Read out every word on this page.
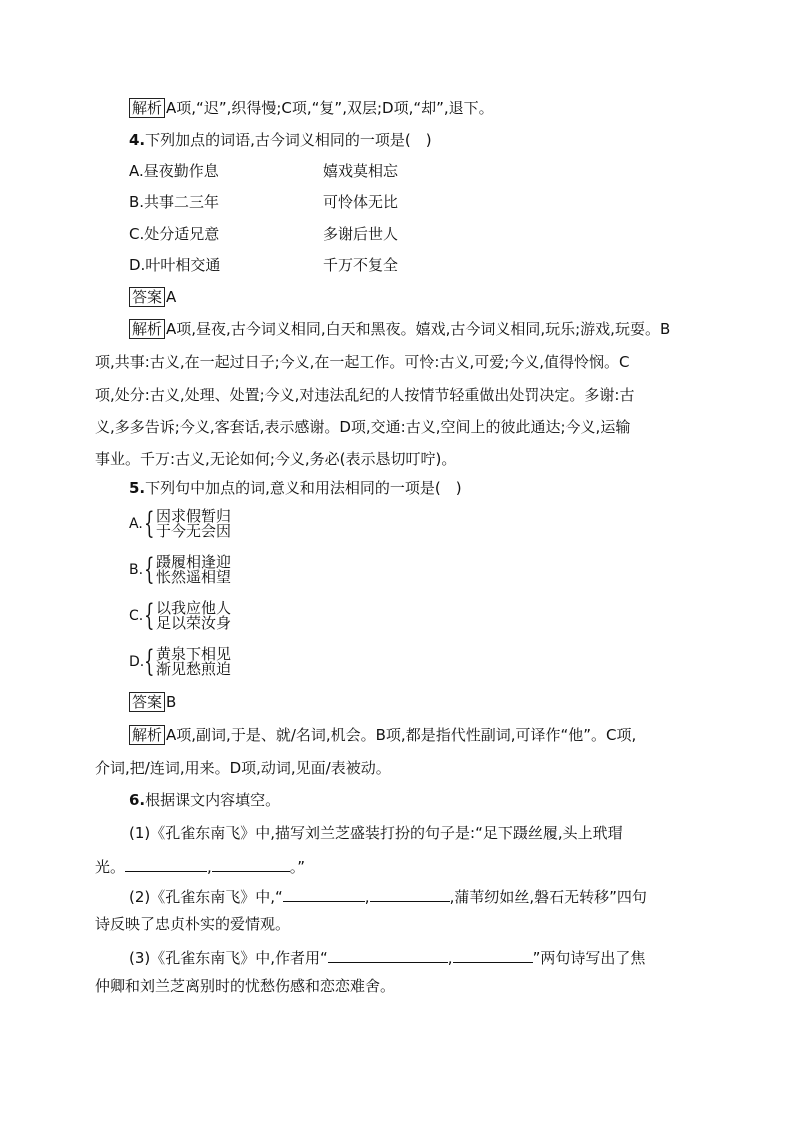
解析 A项,“迟”,织得慢;C项,“复”,双层;D项,“却”,退下。
4.下列加点的词语,古今词义相同的一项是(　)
A.昼夜勤作息	嬉戏莫相忘
B.共事二三年	可怜体无比
C.处分适兄意	多谢后世人
D.叶叶相交通	千万不复全
答案 A
解析 A项,昼夜,古今词义相同,白天和黑夜。嬉戏,古今词义相同,玩乐;游戏,玩耍。B
项,共事:古义,在一起过日子;今义,在一起工作。可怜:古义,可爱;今义,值得怜悯。C
项,处分:古义,处理、处置;今义,对违法乱纪的人按情节轻重做出处罚决定。多谢:古
义,多多告诉;今义,客套话,表示感谢。D项,交通:古义,空间上的彼此通达;今义,运输
事业。千万:古义,无论如何;今义,务必(表示恳切叮咛)。
5.下列句中加点的词,意义和用法相同的一项是(　)
A. { 因求假暂归
于今无会因
B. { 蹑履相逢迎
怅然遥相望
C. { 以我应他人
足以荣汝身
D. { 黄泉下相见
渐见愁煎迫
答案 B
解析 A项,副词,于是、就/名词,机会。B项,都是指代性副词,可译作“他”。C项,
介词,把/连词,用来。D项,动词,见面/表被动。
6.根据课文内容填空。
(1)《孔雀东南飞》中,描写刘兰芝盛装打扮的句子是:“足下蹑丝履,头上玳瑁
光。	,	。”
(2)《孔雀东南飞》中,“	,	,蒲苇纫如丝,磐石无转移”四句
诗反映了忠贞朴实的爱情观。
(3)《孔雀东南飞》中,作者用“	,	”两句诗写出了焦
仲卿和刘兰芝离别时的忧愁伤感和恋恋难舍。
